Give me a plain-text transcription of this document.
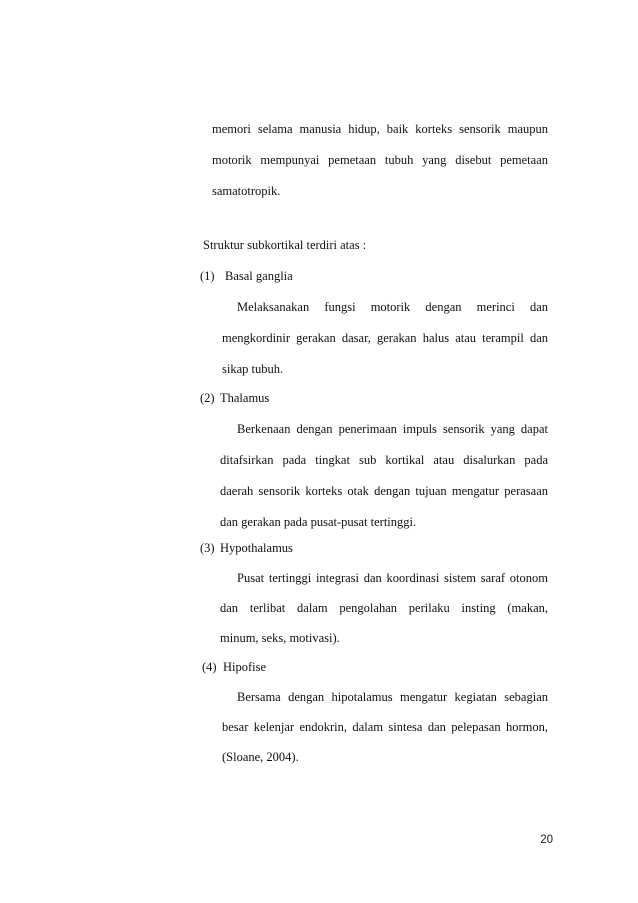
memori selama manusia hidup, baik korteks sensorik maupun
motorik mempunyai pemetaan tubuh yang disebut pemetaan
samatotropik.
Struktur subkortikal terdiri atas :
(1) Basal ganglia
Melaksanakan fungsi motorik dengan merinci dan
mengkordinir gerakan dasar, gerakan halus atau terampil dan
sikap tubuh.
(2) Thalamus
Berkenaan dengan penerimaan impuls sensorik yang dapat
ditafsirkan pada tingkat sub kortikal atau disalurkan pada
daerah sensorik korteks otak dengan tujuan mengatur perasaan
dan gerakan pada pusat-pusat tertinggi.
(3) Hypothalamus
Pusat tertinggi integrasi dan koordinasi sistem saraf otonom
dan terlibat dalam pengolahan perilaku insting (makan,
minum, seks, motivasi).
(4) Hipofise
Bersama dengan hipotalamus mengatur kegiatan sebagian
besar kelenjar endokrin, dalam sintesa dan pelepasan hormon,
(Sloane, 2004).
20
